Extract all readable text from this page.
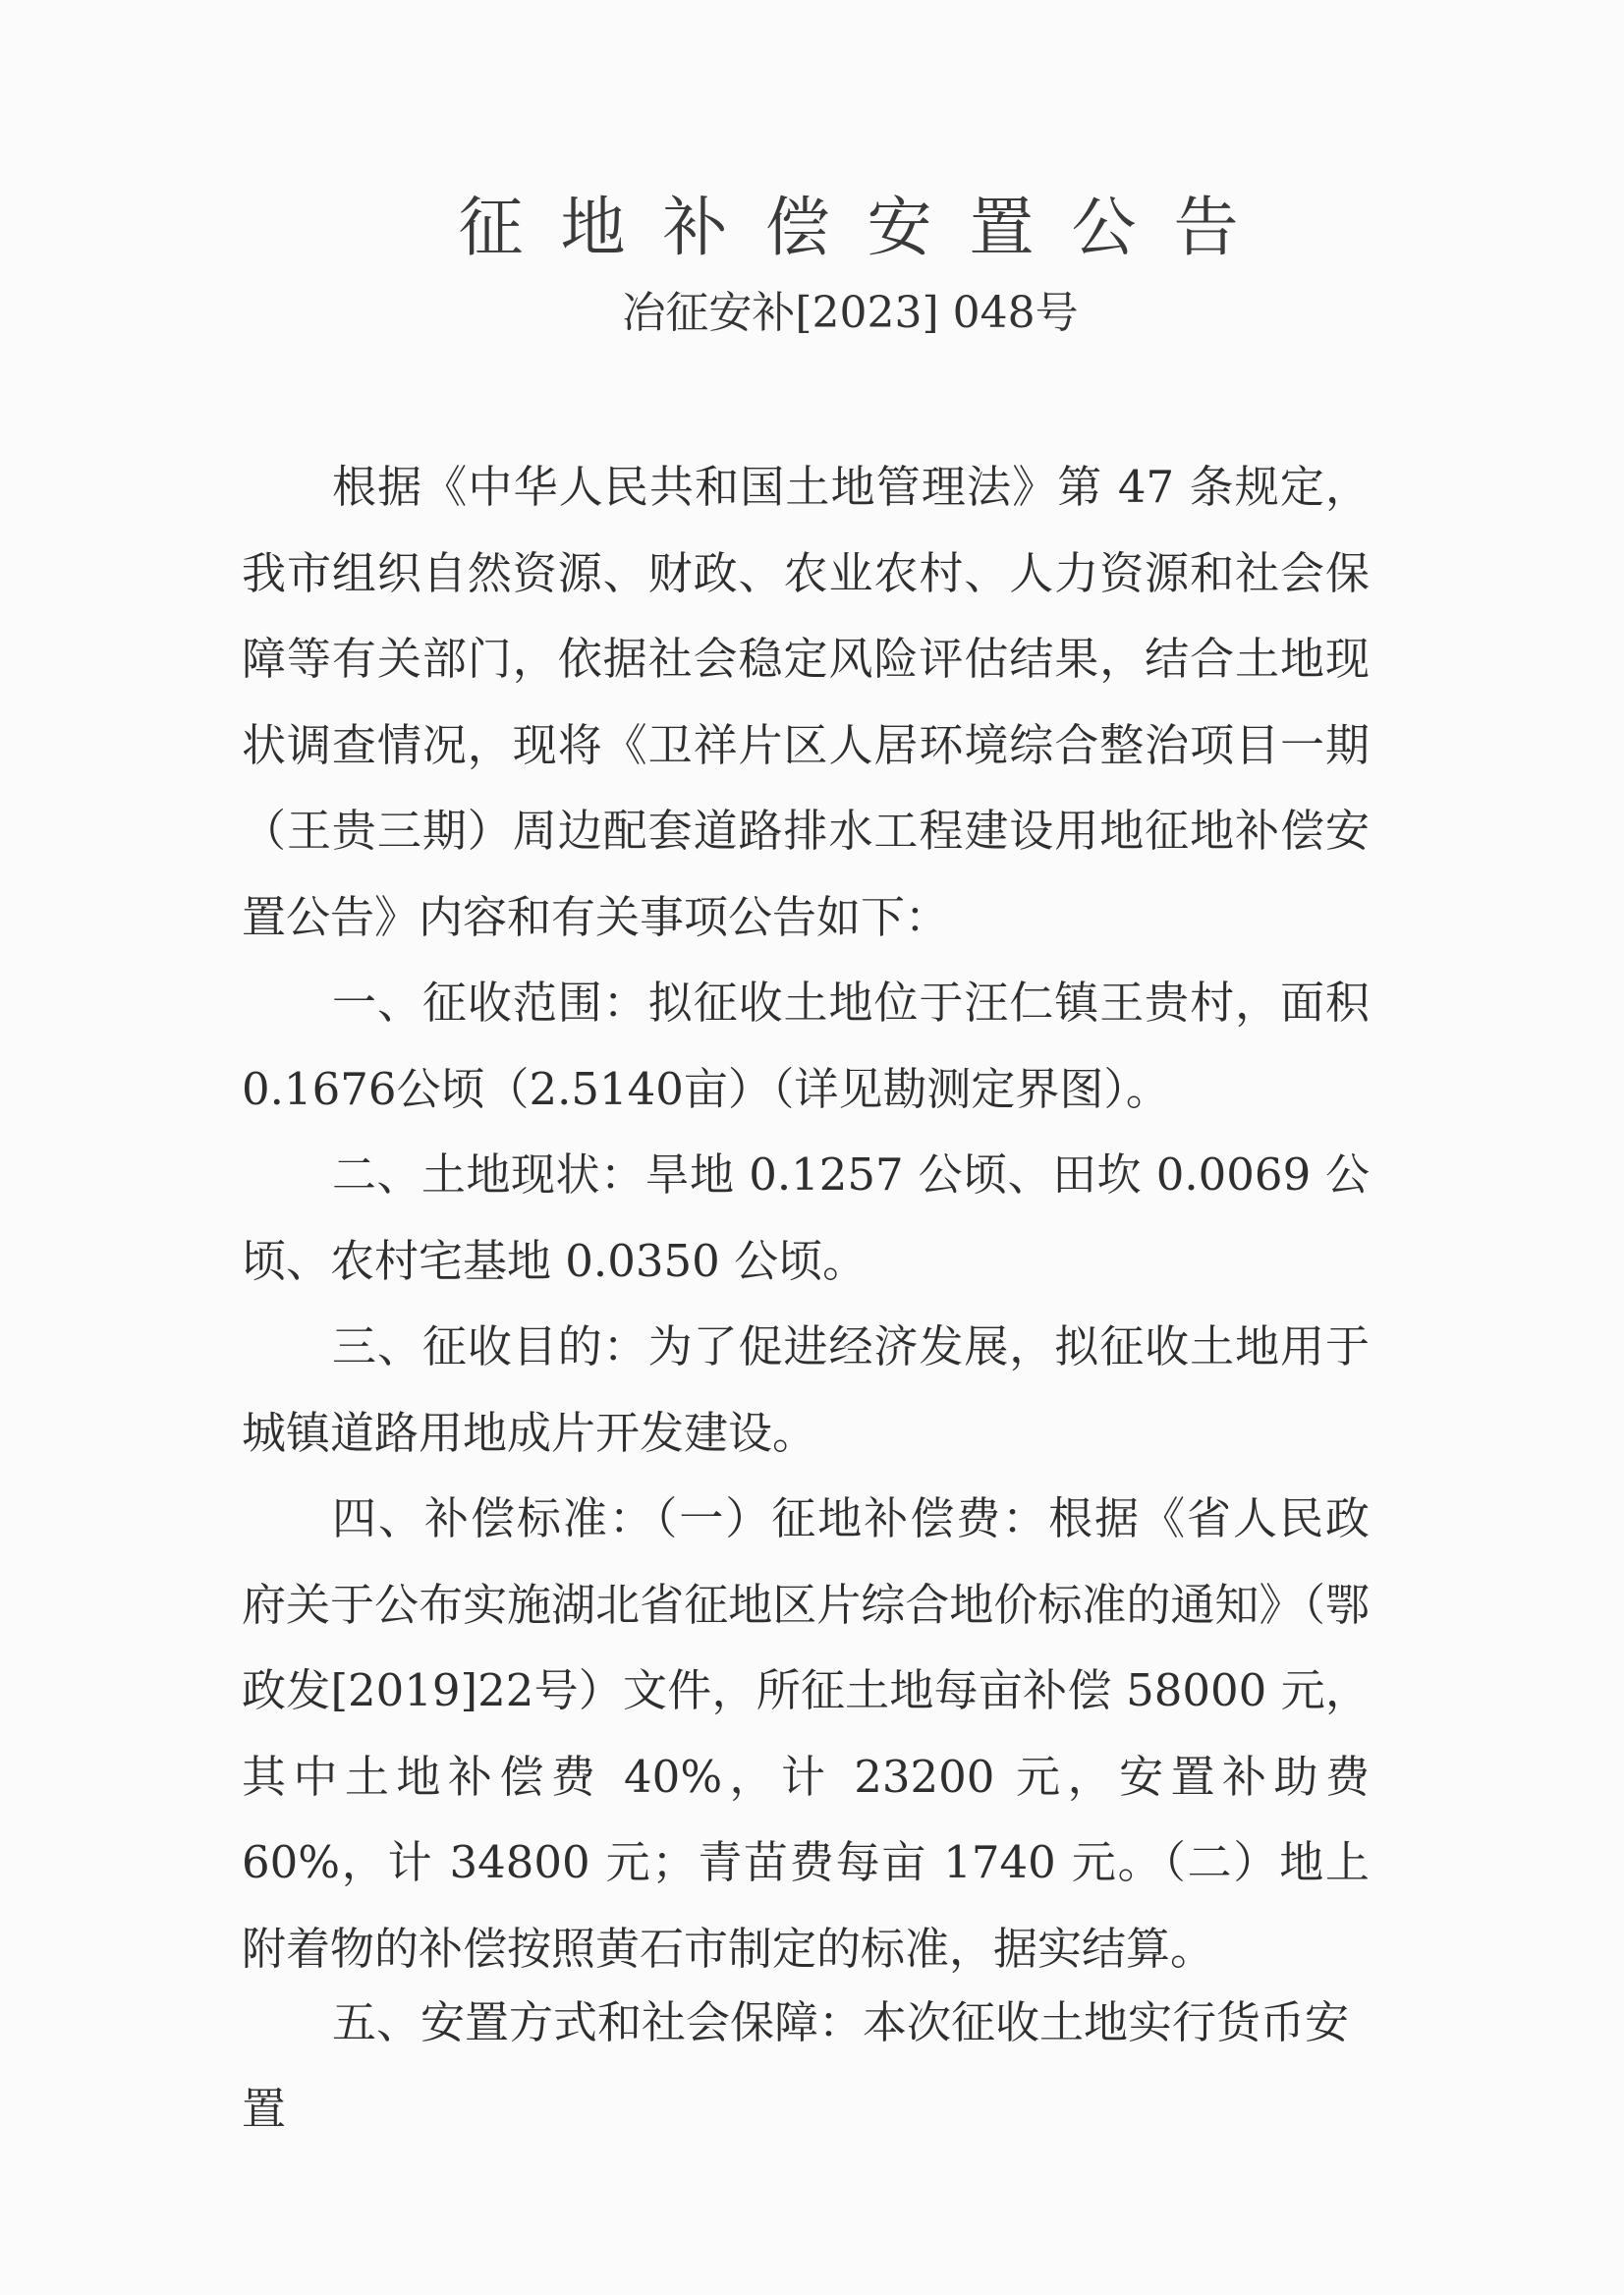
征地补偿安置公告
冶征安补[2023] 048号

根据《中华人民共和国土地管理法》第 47 条规定，我市组织自然资源、财政、农业农村、人力资源和社会保障等有关部门，依据社会稳定风险评估结果，结合土地现状调查情况，现将《卫祥片区人居环境综合整治项目一期（王贵三期）周边配套道路排水工程建设用地征地补偿安置公告》内容和有关事项公告如下：

一、征收范围：拟征收土地位于汪仁镇王贵村，面积0.1676公顷（2.5140亩）（详见勘测定界图）。

二、土地现状：旱地 0.1257 公顷、田坎 0.0069 公顷、农村宅基地 0.0350 公顷。

三、征收目的：为了促进经济发展，拟征收土地用于城镇道路用地成片开发建设。

四、补偿标准：（一）征地补偿费：根据《省人民政府关于公布实施湖北省征地区片综合地价标准的通知》（鄂政发[2019]22号）文件，所征土地每亩补偿 58000 元，其中土地补偿费 40%，计 23200 元，安置补助费 60%，计 34800 元；青苗费每亩 1740 元。（二）地上附着物的补偿按照黄石市制定的标准，据实结算。

五、安置方式和社会保障：本次征收土地实行货币安置
